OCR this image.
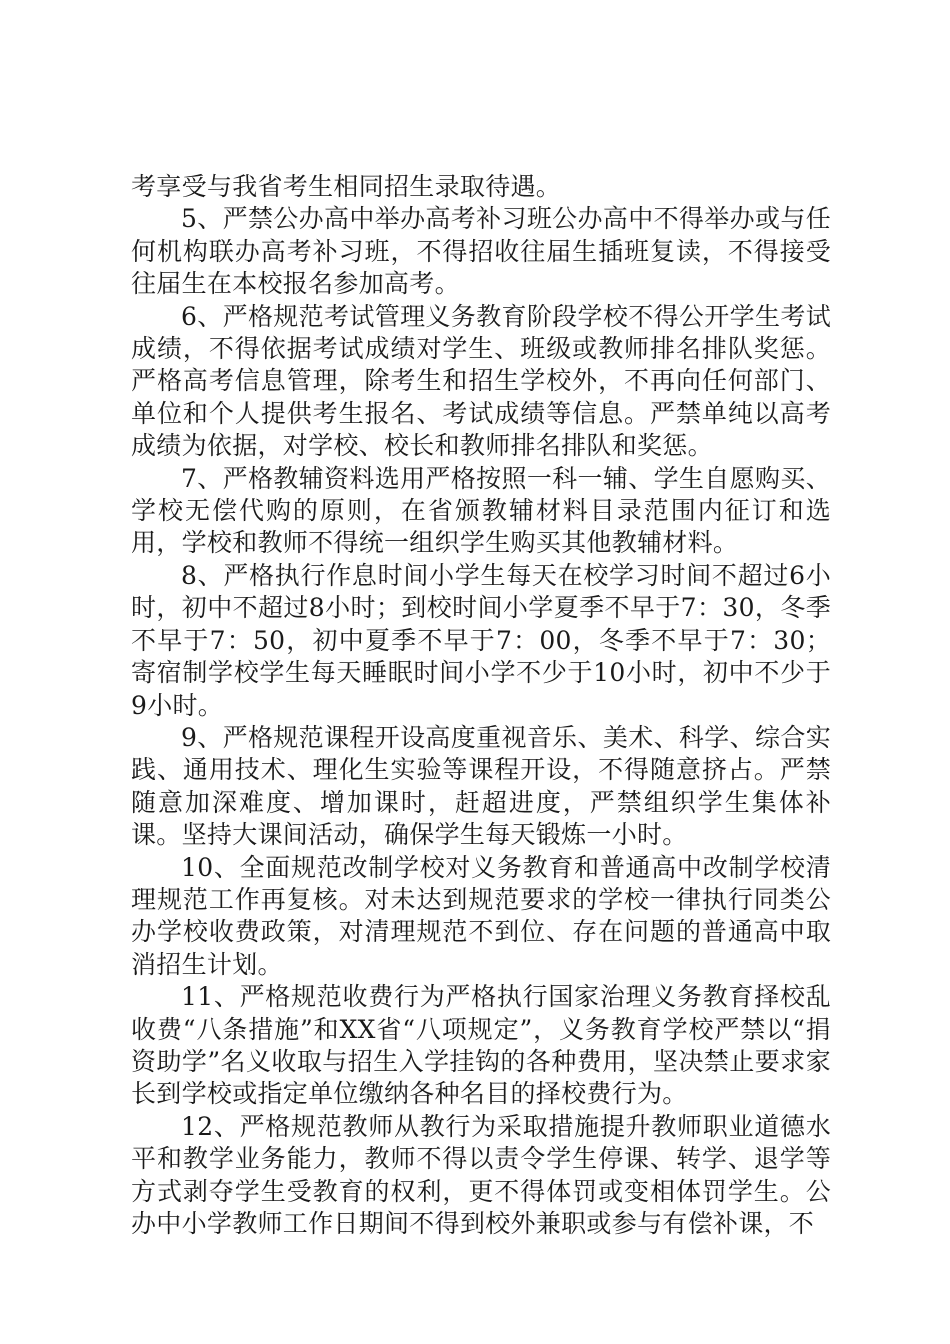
考享受与我省考生相同招生录取待遇。

5、严禁公办高中举办高考补习班公办高中不得举办或与任何机构联办高考补习班，不得招收往届生插班复读，不得接受往届生在本校报名参加高考。

6、严格规范考试管理义务教育阶段学校不得公开学生考试成绩，不得依据考试成绩对学生、班级或教师排名排队奖惩。严格高考信息管理，除考生和招生学校外，不再向任何部门、单位和个人提供考生报名、考试成绩等信息。严禁单纯以高考成绩为依据，对学校、校长和教师排名排队和奖惩。

7、严格教辅资料选用严格按照一科一辅、学生自愿购买、学校无偿代购的原则，在省颁教辅材料目录范围内征订和选用，学校和教师不得统一组织学生购买其他教辅材料。

8、严格执行作息时间小学生每天在校学习时间不超过6小时，初中不超过8小时；到校时间小学夏季不早于7：30，冬季不早于7：50，初中夏季不早于7：00，冬季不早于7：30；寄宿制学校学生每天睡眠时间小学不少于10小时，初中不少于9小时。

9、严格规范课程开设高度重视音乐、美术、科学、综合实践、通用技术、理化生实验等课程开设，不得随意挤占。严禁随意加深难度、增加课时，赶超进度，严禁组织学生集体补课。坚持大课间活动，确保学生每天锻炼一小时。

10、全面规范改制学校对义务教育和普通高中改制学校清理规范工作再复核。对未达到规范要求的学校一律执行同类公办学校收费政策，对清理规范不到位、存在问题的普通高中取消招生计划。

11、严格规范收费行为严格执行国家治理义务教育择校乱收费“八条措施”和XX省“八项规定”，义务教育学校严禁以“捐资助学”名义收取与招生入学挂钩的各种费用，坚决禁止要求家长到学校或指定单位缴纳各种名目的择校费行为。

12、严格规范教师从教行为采取措施提升教师职业道德水平和教学业务能力，教师不得以责令学生停课、转学、退学等方式剥夺学生受教育的权利，更不得体罚或变相体罚学生。公办中小学教师工作日期间不得到校外兼职或参与有偿补课，不
